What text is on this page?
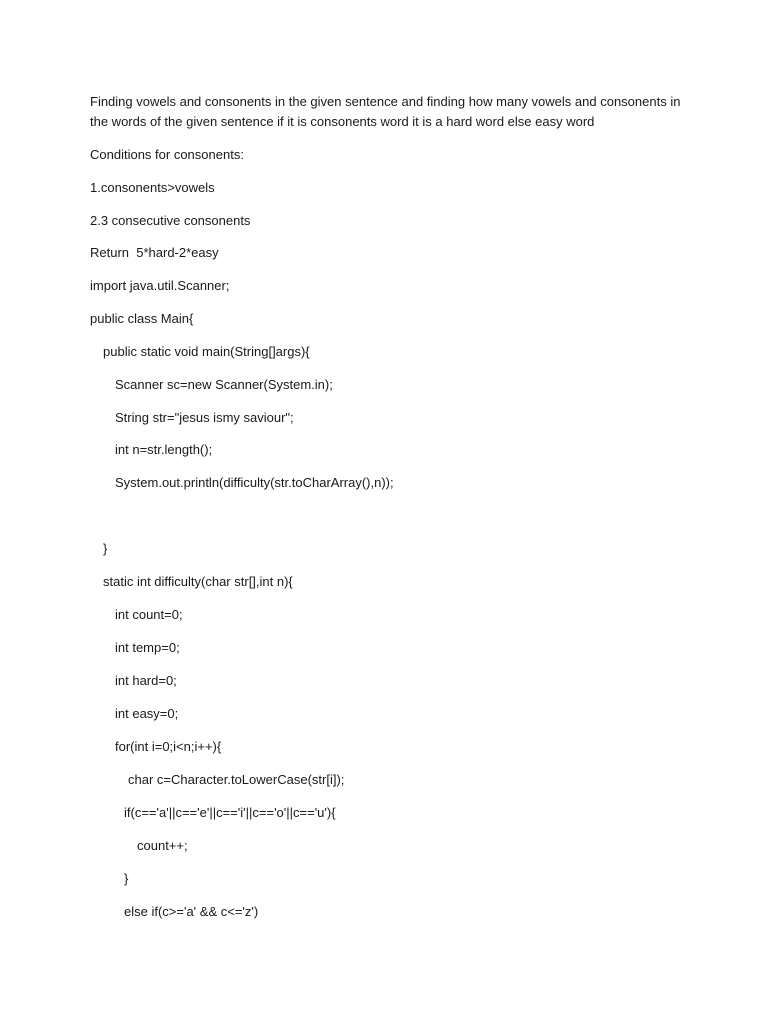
Finding vowels and consonents in the given sentence and finding how many vowels and consonents in the words of the given sentence if it is consonents word it is a hard word else easy word

Conditions for consonents:

1.consonents>vowels

2.3 consecutive consonents

Return  5*hard-2*easy

import java.util.Scanner;

public class Main{

public static void main(String[]args){

Scanner sc=new Scanner(System.in);

String str="jesus ismy saviour";

int n=str.length();

System.out.println(difficulty(str.toCharArray(),n));

}

static int difficulty(char str[],int n){

int count=0;

int temp=0;

int hard=0;

int easy=0;

for(int i=0;i<n;i++){

char c=Character.toLowerCase(str[i]);

if(c=='a'||c=='e'||c=='i'||c=='o'||c=='u'){

count++;

}

else if(c>='a' && c<='z')
